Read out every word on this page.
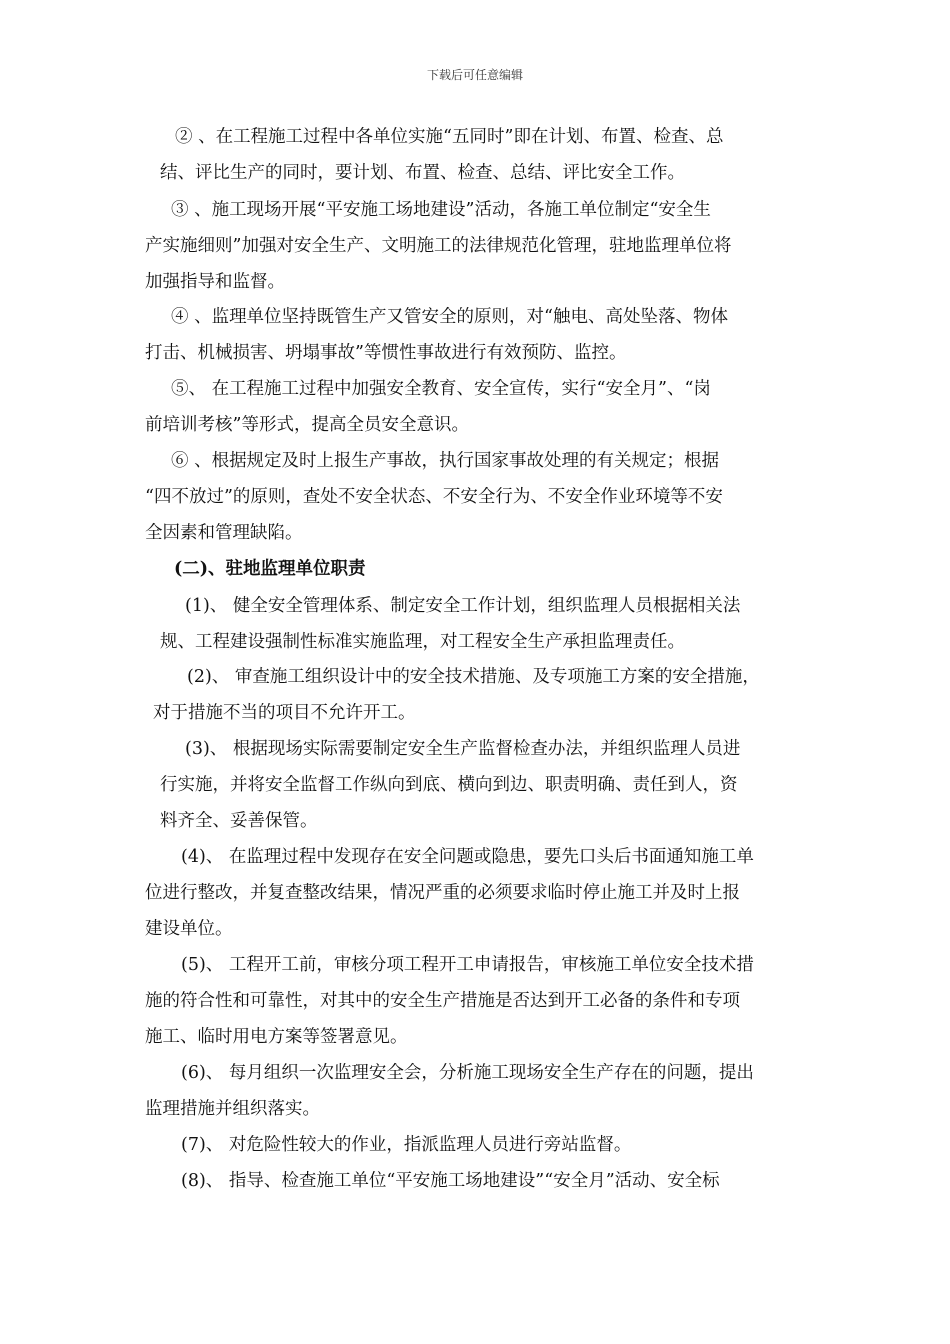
下载后可任意编辑
② 、在工程施工过程中各单位实施“五同时”即在计划、布置、检查、总
结、评比生产的同时，要计划、布置、检查、总结、评比安全工作。
③ 、施工现场开展“平安施工场地建设”活动，各施工单位制定“安全生
产实施细则”加强对安全生产、文明施工的法律规范化管理，驻地监理单位将
加强指导和监督。
④ 、监理单位坚持既管生产又管安全的原则，对“触电、高处坠落、物体
打击、机械损害、坍塌事故”等惯性事故进行有效预防、监控。
⑤、 在工程施工过程中加强安全教育、安全宣传，实行“安全月”、“岗
前培训考核”等形式，提高全员安全意识。
⑥ 、根据规定及时上报生产事故，执行国家事故处理的有关规定；根据
“四不放过”的原则，查处不安全状态、不安全行为、不安全作业环境等不安
全因素和管理缺陷。
(二)、驻地监理单位职责
(1)、 健全安全管理体系、制定安全工作计划，组织监理人员根据相关法
规、工程建设强制性标准实施监理，对工程安全生产承担监理责任。
(2)、 审查施工组织设计中的安全技术措施、及专项施工方案的安全措施，
对于措施不当的项目不允许开工。
(3)、 根据现场实际需要制定安全生产监督检查办法，并组织监理人员进
行实施，并将安全监督工作纵向到底、横向到边、职责明确、责任到人，资
料齐全、妥善保管。
(4)、 在监理过程中发现存在安全问题或隐患，要先口头后书面通知施工单
位进行整改，并复查整改结果，情况严重的必须要求临时停止施工并及时上报
建设单位。
(5)、 工程开工前，审核分项工程开工申请报告，审核施工单位安全技术措
施的符合性和可靠性，对其中的安全生产措施是否达到开工必备的条件和专项
施工、临时用电方案等签署意见。
(6)、 每月组织一次监理安全会，分析施工现场安全生产存在的问题，提出
监理措施并组织落实。
(7)、 对危险性较大的作业，指派监理人员进行旁站监督。
(8)、 指导、检查施工单位“平安施工场地建设”“安全月”活动、安全标
